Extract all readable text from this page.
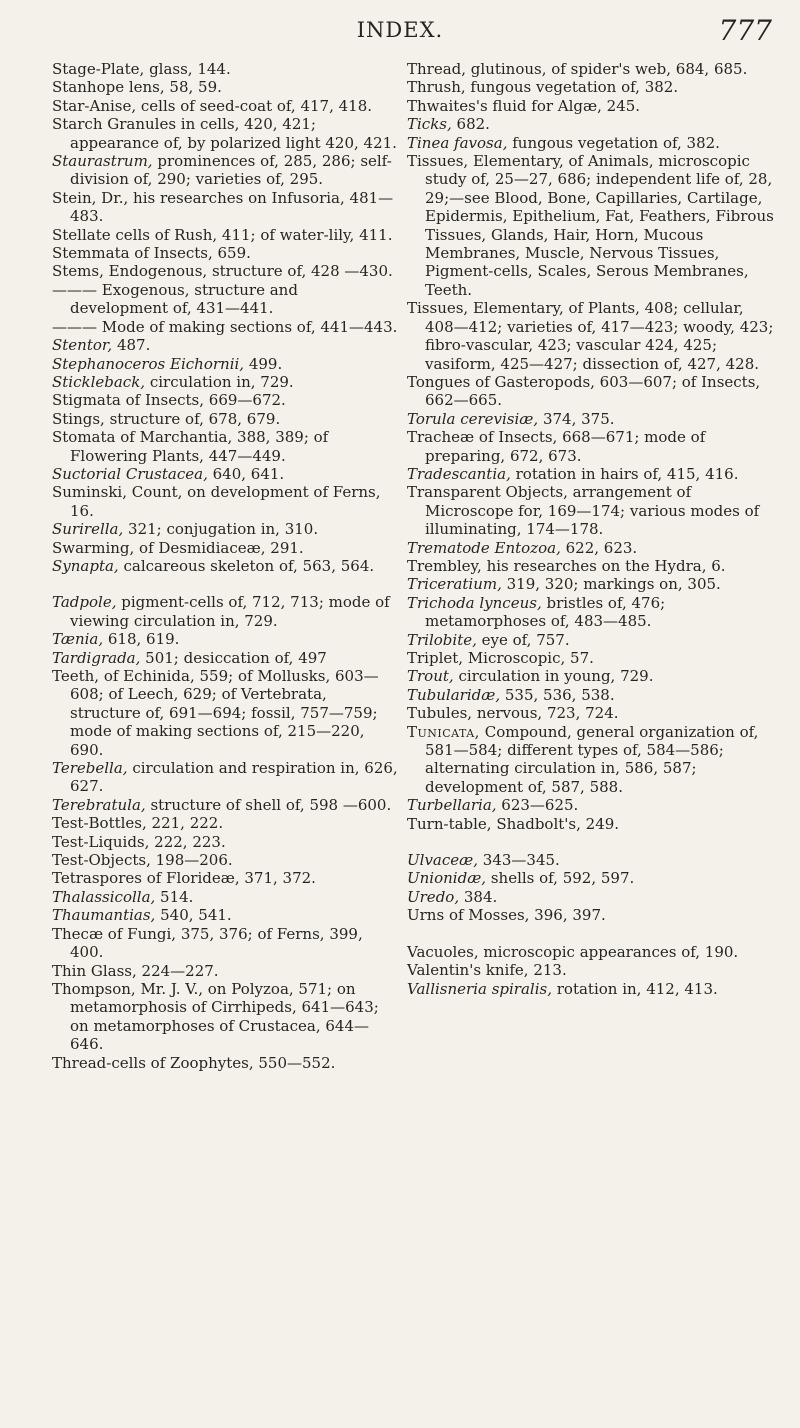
INDEX.	777

Stage-Plate, glass, 144.

Stanhope lens, 58, 59.

Star-Anise, cells of seed-coat of, 417, 418.

Starch Granules in cells, 420, 421; appearance of, by polarized light 420, 421.

Staurastrum, prominences of, 285, 286; self-division of, 290; varieties of, 295.

Stein, Dr., his researches on Infusoria, 481—483.

Stellate cells of Rush, 411; of water-lily, 411.

Stemmata of Insects, 659.

Stems, Endogenous, structure of, 428 —430.

——— Exogenous, structure and development of, 431—441.

——— Mode of making sections of, 441—443.

Stentor, 487.

Stephanoceros Eichornii, 499.

Stickleback, circulation in, 729.

Stigmata of Insects, 669—672.

Stings, structure of, 678, 679.

Stomata of Marchantia, 388, 389; of Flowering Plants, 447—449.

Suctorial Crustacea, 640, 641.

Suminski, Count, on development of Ferns, 16.

Surirella, 321; conjugation in, 310.

Swarming, of Desmidiaceæ, 291.

Synapta, calcareous skeleton of, 563, 564.

Tadpole, pigment-cells of, 712, 713; mode of viewing circulation in, 729.

Tænia, 618, 619.

Tardigrada, 501; desiccation of, 497

Teeth, of Echinida, 559; of Mollusks, 603—608; of Leech, 629; of Vertebrata, structure of, 691—694; fossil, 757—759; mode of making sections of, 215—220, 690.

Terebella, circulation and respiration in, 626, 627.

Terebratula, structure of shell of, 598 —600.

Test-Bottles, 221, 222.

Test-Liquids, 222, 223.

Test-Objects, 198—206.

Tetraspores of Florideæ, 371, 372.

Thalassicolla, 514.

Thaumantias, 540, 541.

Thecæ of Fungi, 375, 376; of Ferns, 399, 400.

Thin Glass, 224—227.

Thompson, Mr. J. V., on Polyzoa, 571; on metamorphosis of Cirrhipeds, 641—643; on metamorphoses of Crustacea, 644—646.

Thread-cells of Zoophytes, 550—552.

Thread, glutinous, of spider's web, 684, 685.

Thrush, fungous vegetation of, 382.

Thwaites's fluid for Algæ, 245.

Ticks, 682.

Tinea favosa, fungous vegetation of, 382.

Tissues, Elementary, of Animals, microscopic study of, 25—27, 686; independent life of, 28, 29;—see Blood, Bone, Capillaries, Cartilage, Epidermis, Epithelium, Fat, Feathers, Fibrous Tissues, Glands, Hair, Horn, Mucous Membranes, Muscle, Nervous Tissues, Pigment-cells, Scales, Serous Membranes, Teeth.

Tissues, Elementary, of Plants, 408; cellular, 408—412; varieties of, 417—423; woody, 423; fibro-vascular, 423; vascular 424, 425; vasiform, 425—427; dissection of, 427, 428.

Tongues of Gasteropods, 603—607; of Insects, 662—665.

Torula cerevisiæ, 374, 375.

Tracheæ of Insects, 668—671; mode of preparing, 672, 673.

Tradescantia, rotation in hairs of, 415, 416.

Transparent Objects, arrangement of Microscope for, 169—174; various modes of illuminating, 174—178.

Trematode Entozoa, 622, 623.

Trembley, his researches on the Hydra, 6.

Triceratium, 319, 320; markings on, 305.

Trichoda lynceus, bristles of, 476; metamorphoses of, 483—485.

Trilobite, eye of, 757.

Triplet, Microscopic, 57.

Trout, circulation in young, 729.

Tubularidæ, 535, 536, 538.

Tubules, nervous, 723, 724.

Tunicata, Compound, general organization of, 581—584; different types of, 584—586; alternating circulation in, 586, 587; development of, 587, 588.

Turbellaria, 623—625.

Turn-table, Shadbolt's, 249.

Ulvaceæ, 343—345.

Unionidæ, shells of, 592, 597.

Uredo, 384.

Urns of Mosses, 396, 397.

Vacuoles, microscopic appearances of, 190.

Valentin's knife, 213.

Vallisneria spiralis, rotation in, 412, 413.
